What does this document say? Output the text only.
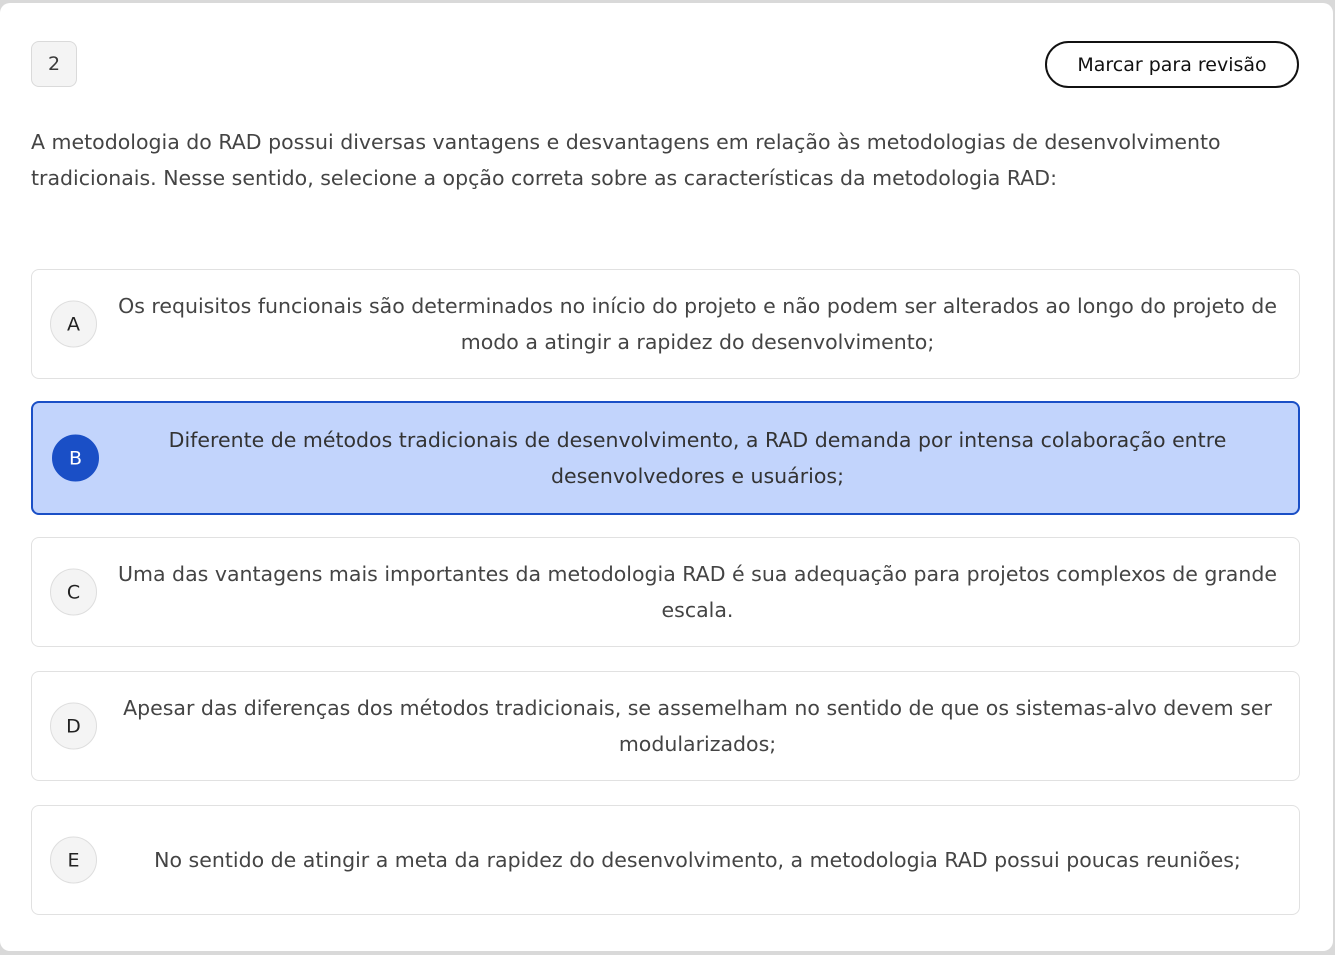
2	Marcar para revisão

A metodologia do RAD possui diversas vantagens e desvantagens em relação às metodologias de desenvolvimento tradicionais. Nesse sentido, selecione a opção correta sobre as características da metodologia RAD:

A
Os requisitos funcionais são determinados no início do projeto e não podem ser alterados ao longo do projeto de modo a atingir a rapidez do desenvolvimento;
B
Diferente de métodos tradicionais de desenvolvimento, a RAD demanda por intensa colaboração entre desenvolvedores e usuários;
C
Uma das vantagens mais importantes da metodologia RAD é sua adequação para projetos complexos de grande escala.
D
Apesar das diferenças dos métodos tradicionais, se assemelham no sentido de que os sistemas-alvo devem ser modularizados;
E	No sentido de atingir a meta da rapidez do desenvolvimento, a metodologia RAD possui poucas reuniões;
